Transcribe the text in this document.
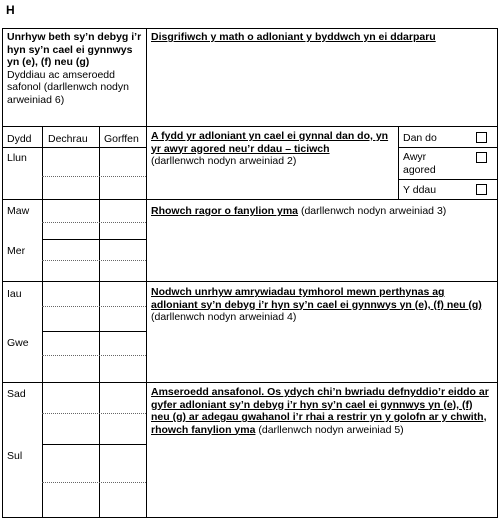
H
Unrhyw beth sy’n debyg i’r hyn sy’n cael ei gynnwys yn (e), (f) neu (g)
Dyddiau ac amseroedd safonol (darllenwch nodyn arweiniad 6)
Disgrifiwch y math o adloniant y byddwch yn ei ddarparu
Dydd Dechrau Gorffen
Llun
Maw
Mer
Iau
Gwe
Sad
Sul
A fydd yr adloniant yn cael ei gynnal dan do, yn yr awyr agored neu’r ddau – ticiwch
(darllenwch nodyn arweiniad 2)
Dan do
Awyr agored
Y ddau
Rhowch ragor o fanylion yma (darllenwch nodyn arweiniad 3)
Nodwch unrhyw amrywiadau tymhorol mewn perthynas ag adloniant sy’n debyg i’r hyn sy’n cael ei gynnwys yn (e), (f) neu (g) (darllenwch nodyn arweiniad 4)
Amseroedd ansafonol. Os ydych chi’n bwriadu defnyddio’r eiddo ar gyfer adloniant sy’n debyg i’r hyn sy’n cael ei gynnwys yn (e), (f) neu (g) ar adegau gwahanol i’r rhai a restrir yn y golofn ar y chwith, rhowch fanylion yma (darllenwch nodyn arweiniad 5)
